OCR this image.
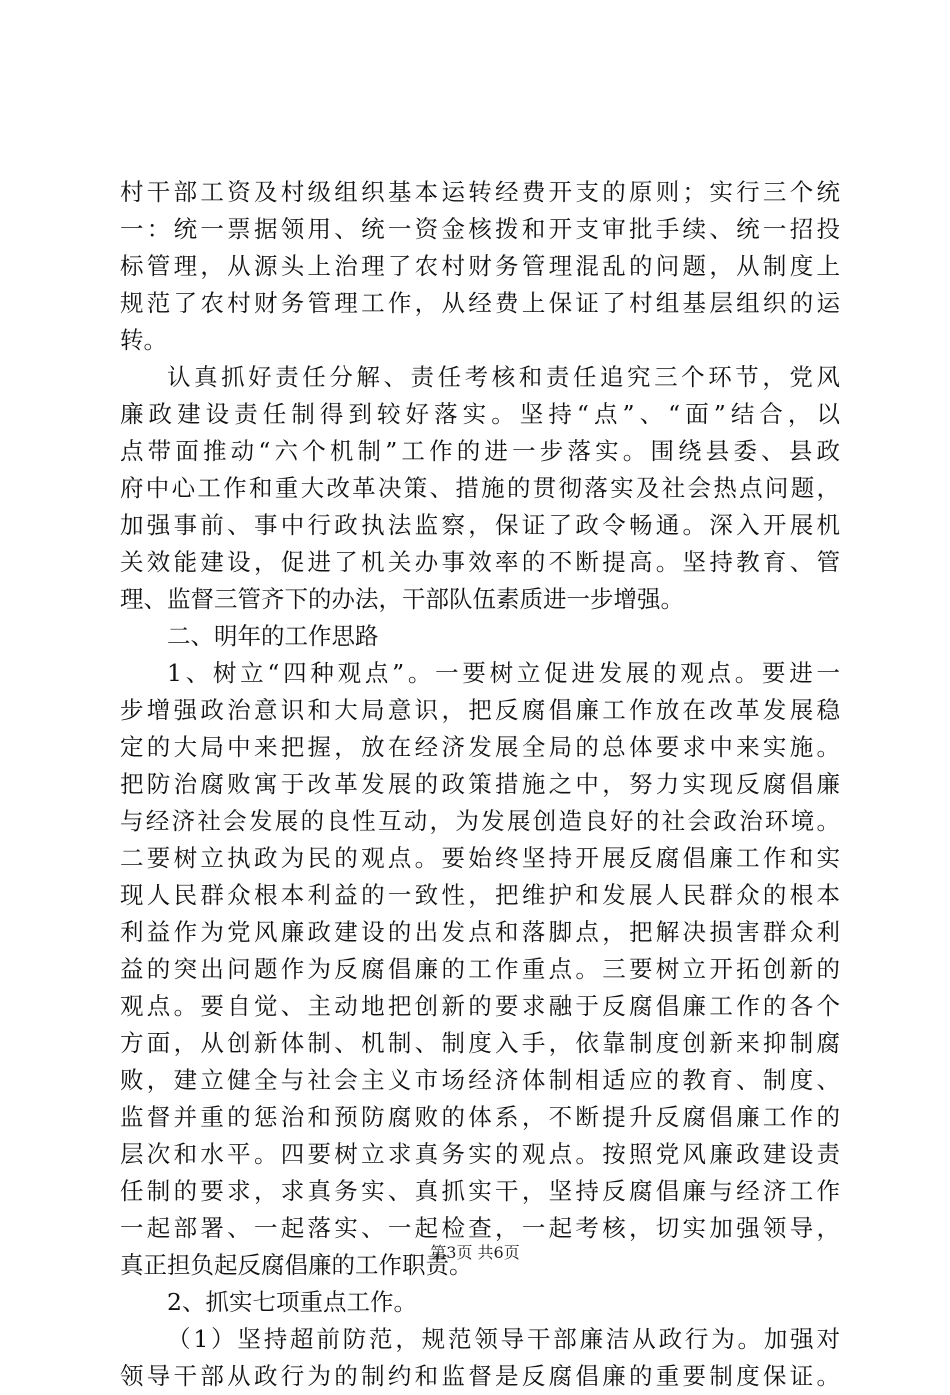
村干部工资及村级组织基本运转经费开支的原则；实行三个统
一：统一票据领用、统一资金核拨和开支审批手续、统一招投
标管理，从源头上治理了农村财务管理混乱的问题，从制度上
规范了农村财务管理工作，从经费上保证了村组基层组织的运
转。
认真抓好责任分解、责任考核和责任追究三个环节，党风
廉政建设责任制得到较好落实。坚持“点”、“面”结合，以
点带面推动“六个机制”工作的进一步落实。围绕县委、县政
府中心工作和重大改革决策、措施的贯彻落实及社会热点问题，
加强事前、事中行政执法监察，保证了政令畅通。深入开展机
关效能建设，促进了机关办事效率的不断提高。坚持教育、管
理、监督三管齐下的办法，干部队伍素质进一步增强。
二、明年的工作思路
1、树立“四种观点”。一要树立促进发展的观点。要进一
步增强政治意识和大局意识，把反腐倡廉工作放在改革发展稳
定的大局中来把握，放在经济发展全局的总体要求中来实施。
把防治腐败寓于改革发展的政策措施之中，努力实现反腐倡廉
与经济社会发展的良性互动，为发展创造良好的社会政治环境。
二要树立执政为民的观点。要始终坚持开展反腐倡廉工作和实
现人民群众根本利益的一致性，把维护和发展人民群众的根本
利益作为党风廉政建设的出发点和落脚点，把解决损害群众利
益的突出问题作为反腐倡廉的工作重点。三要树立开拓创新的
观点。要自觉、主动地把创新的要求融于反腐倡廉工作的各个
方面，从创新体制、机制、制度入手，依靠制度创新来抑制腐
败，建立健全与社会主义市场经济体制相适应的教育、制度、
监督并重的惩治和预防腐败的体系，不断提升反腐倡廉工作的
层次和水平。四要树立求真务实的观点。按照党风廉政建设责
任制的要求，求真务实、真抓实干，坚持反腐倡廉与经济工作
一起部署、一起落实、一起检查，一起考核，切实加强领导，
真正担负起反腐倡廉的工作职责。
2、抓实七项重点工作。
（1）坚持超前防范，规范领导干部廉洁从政行为。加强对
领导干部从政行为的制约和监督是反腐倡廉的重要制度保证。
第3页 共6页
